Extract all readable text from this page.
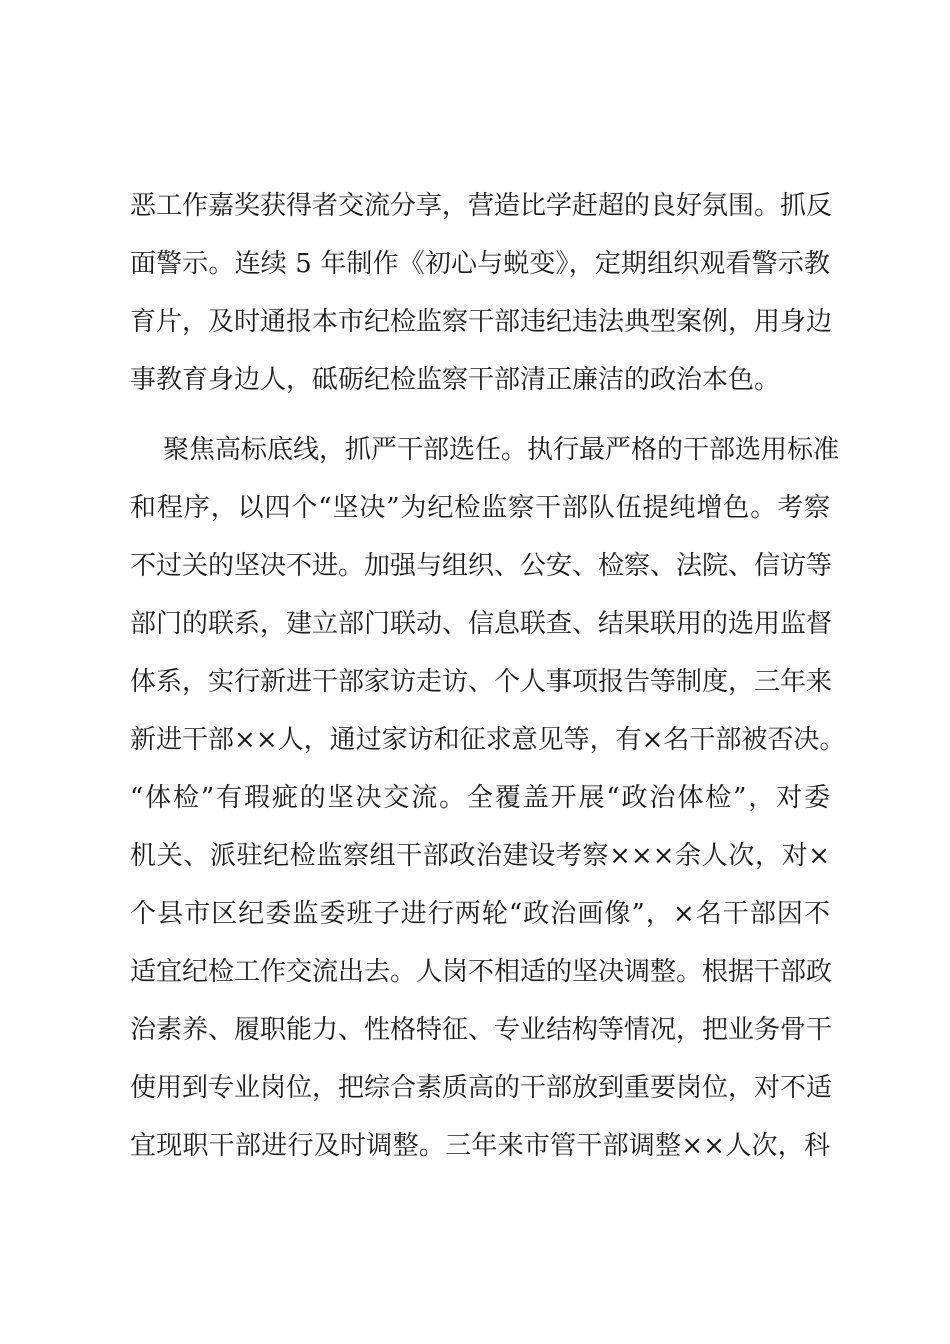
恶工作嘉奖获得者交流分享，营造比学赶超的良好氛围。抓反
面警示。连续 5 年制作《初心与蜕变》，定期组织观看警示教
育片，及时通报本市纪检监察干部违纪违法典型案例，用身边
事教育身边人，砥砺纪检监察干部清正廉洁的政治本色。
聚焦高标底线，抓严干部选任。执行最严格的干部选用标准
和程序，以四个“坚决”为纪检监察干部队伍提纯增色。考察
不过关的坚决不进。加强与组织、公安、检察、法院、信访等
部门的联系，建立部门联动、信息联查、结果联用的选用监督
体系，实行新进干部家访走访、个人事项报告等制度，三年来
新进干部××人，通过家访和征求意见等，有×名干部被否决。
“体检”有瑕疵的坚决交流。全覆盖开展“政治体检”，对委
机关、派驻纪检监察组干部政治建设考察×××余人次，对×
个县市区纪委监委班子进行两轮“政治画像”，×名干部因不
适宜纪检工作交流出去。人岗不相适的坚决调整。根据干部政
治素养、履职能力、性格特征、专业结构等情况，把业务骨干
使用到专业岗位，把综合素质高的干部放到重要岗位，对不适
宜现职干部进行及时调整。三年来市管干部调整××人次，科
